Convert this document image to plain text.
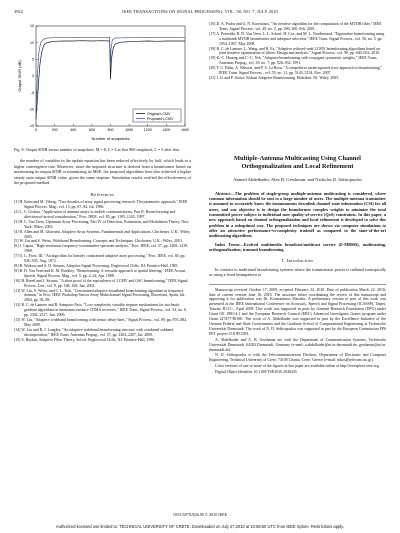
3922	IEEE TRANSACTIONS ON SIGNAL PROCESSING, VOL. 58, NO. 7, JULY 2010
0	200	400	600	800	1000	1200	1400	1600
-15
-10
-5
0
5
10
15
Number of snapshots
Output SINR (dB)
Original LCMV
Proposed LCMV
Fig. 8. Output SINR versus number of snapshots. M = 8, L = 4 at first 800 snapshots, L = 5 after that.

the number of variables in the update equation has been reduced effectively by half, which leads to a higher convergence rate. Moreover, since the imposed structure is derived from a beamformer based on maximizing its output SINR or minimizing its MSE, the proposed algorithms here also achieved a higher steady state output SINR value, given the same stepsize. Simulation results verified the effectiveness of the proposed method.

References

[1] H. Krim and M. Viberg, "Two decades of array signal processing research: The parametric approach," IEEE Signal Process. Mag., vol. 13, pp. 67–94, Jul. 1996.

[2] L. C. Godara, "Application of antenna arrays to mobile communications, Part II: Beam-forming and direction-of-arrival consideration," Proc. IEEE, vol. 85, pp. 1195–1245, 1997.

[3] H. L. Van Trees, Optimum Array Processing, Part IV of Detection, Estimation, and Modulation Theory. New York: Wiley, 2002.

[4] B. Allen and M. Ghavami, Adaptive Array Systems, Fundamentals and Applications. Chichester, U.K.: Wiley, 2005.

[5] W. Liu and S. Weiss, Wideband Beamforming: Concepts and Techniques. Chichester, U.K.: Wiley, 2010.

[6] J. Capon, "High-resolution frequency-wavenumber spectrum analysis," Proc. IEEE, vol. 57, pp. 1408–1418, 1969.

[7] O. L. Frost, III, "An algorithm for linearly constrained adaptive array processing," Proc. IEEE, vol. 60, pp. 926–935, Aug. 1972.

[8] B. Widrow and S. D. Stearns, Adaptive Signal Processing. Englewood Cliffs, NJ: Prentice-Hall, 1985.

[9] B. D. Van Veen and K. M. Buckley, "Beamforming: A versatile approach to spatial filtering," IEEE Acoust., Speech, Signal Process. Mag., vol. 5, pp. 4–24, Apr. 1988.

[10] B. Breed and J. Strauss, "A short proof of the equivalence of LCMV and GSC beamforming," IEEE Signal Process. Lett., vol. 9, pp. 168–169, Jun. 2002.

[11] W. Liu, S. Weiss, and C. L. Koh, "Constrained adaptive broadband beamforming algorithm in frequency domain," in Proc. IEEE Workshop Sensor Array Multichannel Signal Processing, Barcelona, Spain, Jul. 2004, pp. 94–98.

[12] R. C. de Lamare and R. Sampaio-Neto, "Low-complexity variable stepsize mechanisms for stochastic gradient algorithms in minimum variance CDMA receivers," IEEE Trans. Signal Process., vol. 54, no. 6, pp. 2302–2317, Jun. 2006.

[13] W. Liu, "Adaptive wideband beamforming with sensor delay-lines," Signal Process., vol. 89, pp. 876–882, May 2009.

[14] W. Liu and R. J. Langley, "An adaptive wideband beamforming structure with combined subband decomposition," IEEE Trans. Antennas Propag., vol. 57, pp. 2204–2207, Jul. 2009.

[15] S. Haykin, Adaptive Filter Theory, 3rd ed. Englewood Cliffs, NJ: Prentice-Hall, 1996.

[16] D. A. Pados and G. N. Karystinos, "An iterative algorithm for the computation of the MVDR filter," IEEE Trans. Signal Process., vol. 49, no. 2, pp. 290–300, Feb. 2001.

[17] A. Pezeshki, B. D. Van Veen, L. L. Scharf, H. Cox, and M. L. Nordenvaad, "Eigenvalue beamforming using a multirank MVDR beamformer and subspace selection," IEEE Trans. Signal Process., vol. 56, no. 5, pp. 1954–1967, May 2008.

[18] R. C. de Lamare, L. Wang, and R. Fa, "Adaptive reduced-rank LCMV beamforming algorithms based on joint iterative optimization of filters: Design and analysis," Signal Process., vol. 90, pp. 640–652, 2010.

[19] K.-C. Huarng and C.-C. Yeh, "Adaptive beamforming with conjugate symmetric weights," IEEE Trans. Antennas Propag., vol. 39, no. 7, pp. 926–932, 1991.

[20] Y. C. Eldar, A. Nehorai, and P. S. La Rosa, "A competitive mean-squared error approach to beamforming," IEEE Trans. Signal Process., vol. 55, no. 11, pp. 5143–5154, Nov. 2007.

[21] J. Li and P. Stoica, Robust Adaptive Beamforming. Hoboken, NJ: Wiley, 2005.

Multiple-Antenna Multicasting Using Channel Orthogonalization and Local Refinement
Ahmed Abdelkader, Alex B. Gershman, and Nicholas D. Sidiropoulos

Abstract—The problem of single-group multiple-antenna multicasting is considered, where common information should be sent to a large number of users. The multiple-antenna transmitter is assumed to accurately know the instantaneous downlink channel state information (CSI) for all users, and our objective is to design the beamformer complex weights to minimize the total transmitted power subject to individual user quality-of-service (QoS) constraints. In this paper, a new approach based on channel orthogonalization and local refinement is developed to solve this problem in a suboptimal way. The proposed techniques are shown via computer simulations to offer an attractive performance-vs-complexity tradeoff as compared to the state-of-the-art multicasting algorithms.

Index Terms—Evolved multimedia broadcast/multicast service (E-MBMS), multicasting, orthogonalization, transmit beamforming.

I. Introduction

In contrast to traditional broadcasting systems where the transmission power is radiated isotropically or using a fixed beampattern to

Manuscript received October 17, 2009; accepted February 24, 2010. Date of publication March 22, 2010; date of current version June 16, 2010. The associate editor coordinating the review of this manuscript and approving it for publication was Dr. Konstantinos Slavakis. A preliminary version of part of this work was presented at the IEEE International Conference on Acoustics, Speech and Signal Processing (ICASSP), Taipei, Taiwan, R.O.C., April 2009. This work was supported in parts by German Research Foundation (DFG) under Grant GE 1881/4-1 and the European Research Council (ERC) Advanced Investigator Grants program under Grant 227477-ROSE. The work of A. Abdelkader was supported in part by the Excellence Initiative of the German Federal and State Governments and the Graduate School of Computational Engineering at Technische Universität Darmstadt. The work of N. D. Sidiropoulos was supported in part by the European Commission FP6 FET project COOPCOM.

A. Abdelkader and A. B. Gershman are with the Department of Communication Systems, Technische Universität Darmstadt, 64283 Darmstadt, Germany (e-mail: a.abdelkader@nt.tu-darmstadt.de; gershman@nt.tu-darmstadt.de).

N. D. Sidiropoulos is with the Telecommunications Division, Department of Electronic and Computer Engineering, Technical University of Crete, 73100 Chania, Crete, Greece (e-mail: nikos@telecom.tuc.gr).

Color versions of one or more of the figures in this paper are available online at http://ieeexplore.ieee.org.

Digital Object Identifier 10.1109/TSP.2010.2046435

1053-587X/$26.00 © 2010 IEEE
Authorized licensed use limited to: TECHNICAL UNIVERSITY OF CRETE. Downloaded on July 27,2010 at 10:58:50 UTC from IEEE Xplore. Restrictions apply.
